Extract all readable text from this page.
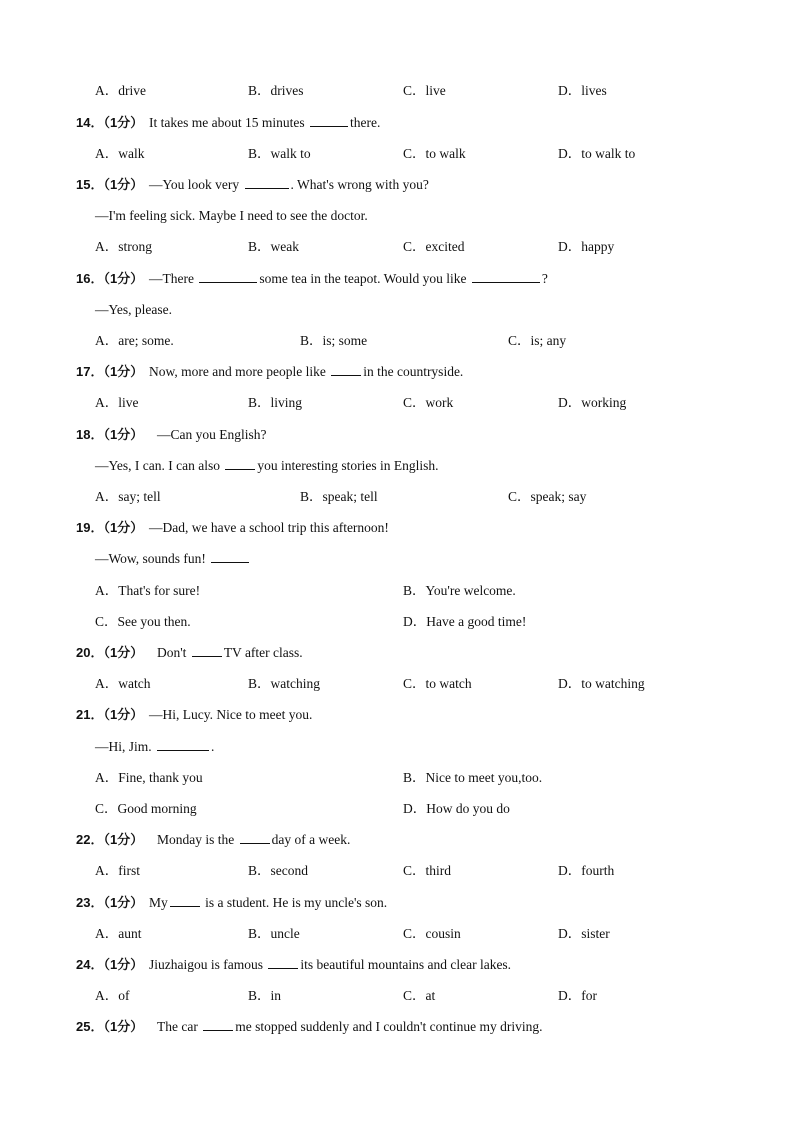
A．drive	B．drives	C．live	D．lives
14．（1分） It takes me about 15 minutes	there.
A．walk	B．walk to	C．to walk	D．to walk to
15．（1分） —You look very	. What's wrong with you?
—I'm feeling sick. Maybe I need to see the doctor.
A．strong	B．weak	C．excited	D．happy
16．（1分） —There	some tea in the teapot. Would you like	?
—Yes, please.
A．are; some.	B．is; some	C．is; any
17．（1分） Now, more and more people like	in the countryside.
A．live	B．living	C．work	D．working
18．（1分） —Can you English?
—Yes, I can. I can also	you interesting stories in English.
A．say; tell	B．speak; tell	C．speak; say
19．（1分） —Dad, we have a school trip this afternoon!
—Wow, sounds fun!
A．That's for sure!	B．You're welcome.
C．See you then.	D．Have a good time!
20．（1分） Don't	TV after class.
A．watch	B．watching	C．to watch	D．to watching
21．（1分） —Hi, Lucy. Nice to meet you.
—Hi, Jim.	.
A．Fine, thank you	B．Nice to meet you,too.
C．Good morning	D．How do you do
22．（1分） Monday is the	day of a week.
A．first	B．second	C．third	D．fourth
23．（1分） My	is a student. He is my uncle's son.
A．aunt	B．uncle	C．cousin	D．sister
24．（1分） Jiuzhaigou is famous	its beautiful mountains and clear lakes.
A．of	B．in	C．at	D．for
25．（1分） The car	me stopped suddenly and I couldn't continue my driving.
